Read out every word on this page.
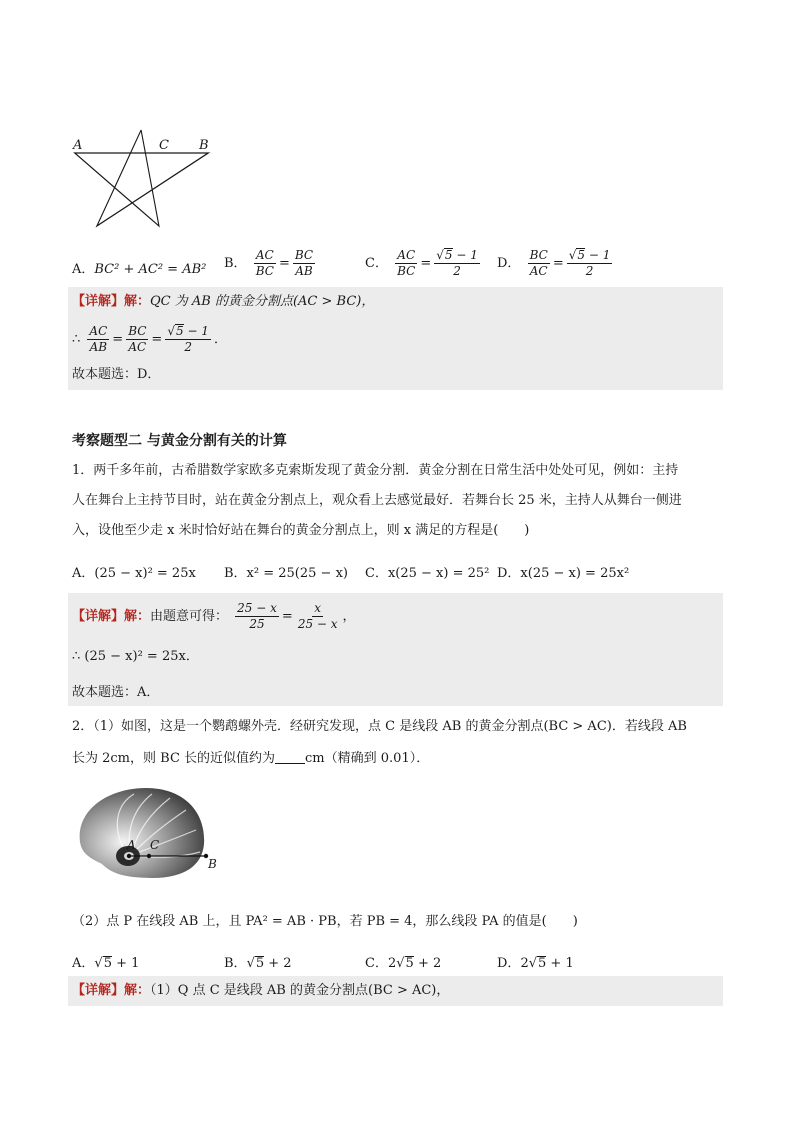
A	C B
A．BC² + AC² = AB² B． $\frac{AC}{BC} = \frac{BC}{AB}$	C． $\frac{AC}{BC} = \frac{√5 - 1}{2}$ D． $\frac{BC}{AC} = \frac{√5 - 1}{2}$
【详解】解：QC 为 AB 的黄金分割点(AC > BC)，
∴ $\frac{AC}{AB} = \frac{BC}{AC} = \frac{√5 - 1}{2}$ ．
故本题选：D．
考察题型二 与黄金分割有关的计算
1．两千多年前，古希腊数学家欧多克索斯发现了黄金分割．黄金分割在日常生活中处处可见，例如：主持
人在舞台上主持节目时，站在黄金分割点上，观众看上去感觉最好．若舞台长 25 米，主持人从舞台一侧进
入，设他至少走 x 米时恰好站在舞台的黄金分割点上，则 x 满足的方程是(　　)
A．(25 − x)² = 25x B．x² = 25(25 − x) C．x(25 − x) = 25² D．x(25 − x) = 25x²
【详解】解：由题意可得： $\frac{25 - x}{25} = \frac{x}{25 - x}$ ，
∴ (25 − x)² = 25x．
故本题选：A．
2．（1）如图，这是一个鹦鹉螺外壳．经研究发现，点 C 是线段 AB 的黄金分割点(BC > AC)．若线段 AB
长为 2cm，则 BC 长的近似值约为 cm（精确到 0.01）．
A C
B
（2）点 P 在线段 AB 上，且 PA² = AB · PB，若 PB = 4，那么线段 PA 的值是(　　)
A．√5 + 1	B．√5 + 2	C．2√5 + 2	D．2√5 + 1
【详解】解：（1）Q 点 C 是线段 AB 的黄金分割点(BC > AC)，
